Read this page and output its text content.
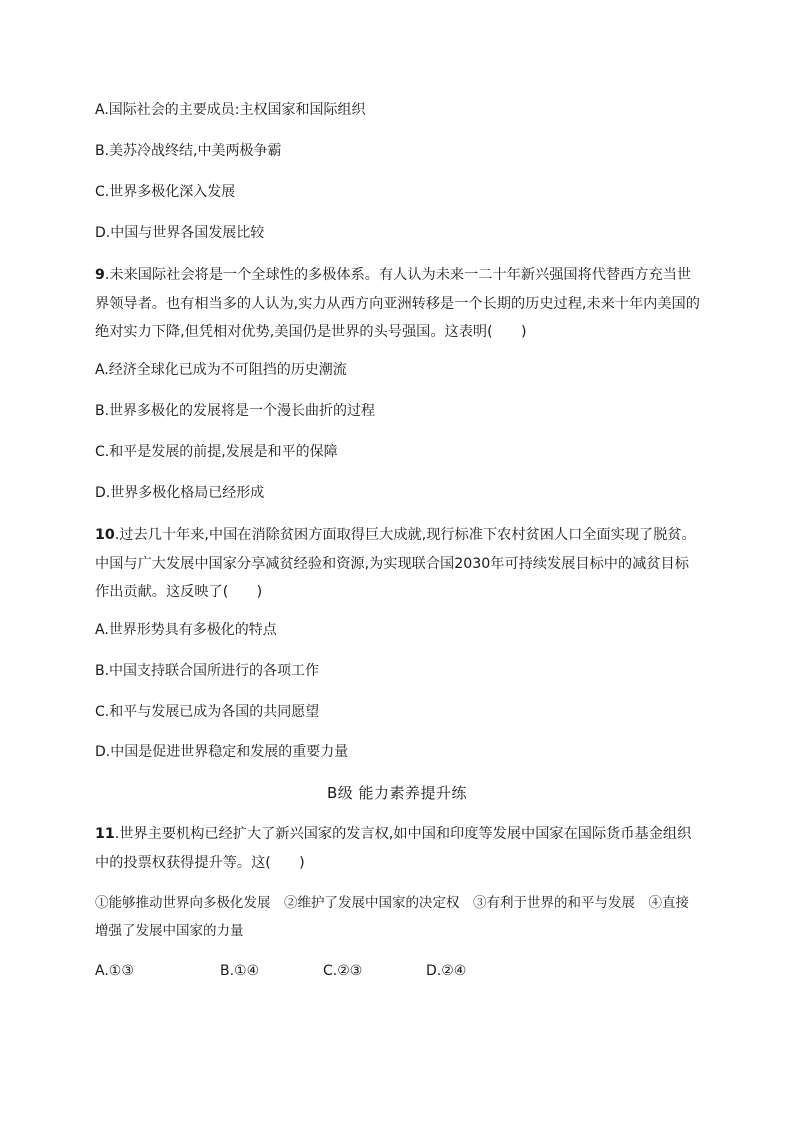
A.国际社会的主要成员:主权国家和国际组织
B.美苏冷战终结,中美两极争霸
C.世界多极化深入发展
D.中国与世界各国发展比较
9.未来国际社会将是一个全球性的多极体系。有人认为未来一二十年新兴强国将代替西方充当世界领导者。也有相当多的人认为,实力从西方向亚洲转移是一个长期的历史过程,未来十年内美国的绝对实力下降,但凭相对优势,美国仍是世界的头号强国。这表明(　　)
A.经济全球化已成为不可阻挡的历史潮流
B.世界多极化的发展将是一个漫长曲折的过程
C.和平是发展的前提,发展是和平的保障
D.世界多极化格局已经形成
10.过去几十年来,中国在消除贫困方面取得巨大成就,现行标准下农村贫困人口全面实现了脱贫。中国与广大发展中国家分享减贫经验和资源,为实现联合国2030年可持续发展目标中的减贫目标作出贡献。这反映了(　　)
A.世界形势具有多极化的特点
B.中国支持联合国所进行的各项工作
C.和平与发展已成为各国的共同愿望
D.中国是促进世界稳定和发展的重要力量
B级 能力素养提升练
11.世界主要机构已经扩大了新兴国家的发言权,如中国和印度等发展中国家在国际货币基金组织中的投票权获得提升等。这(　　)
①能够推动世界向多极化发展　②维护了发展中国家的决定权　③有利于世界的和平与发展　④直接增强了发展中国家的力量
A.①③	B.①④	C.②③	D.②④
